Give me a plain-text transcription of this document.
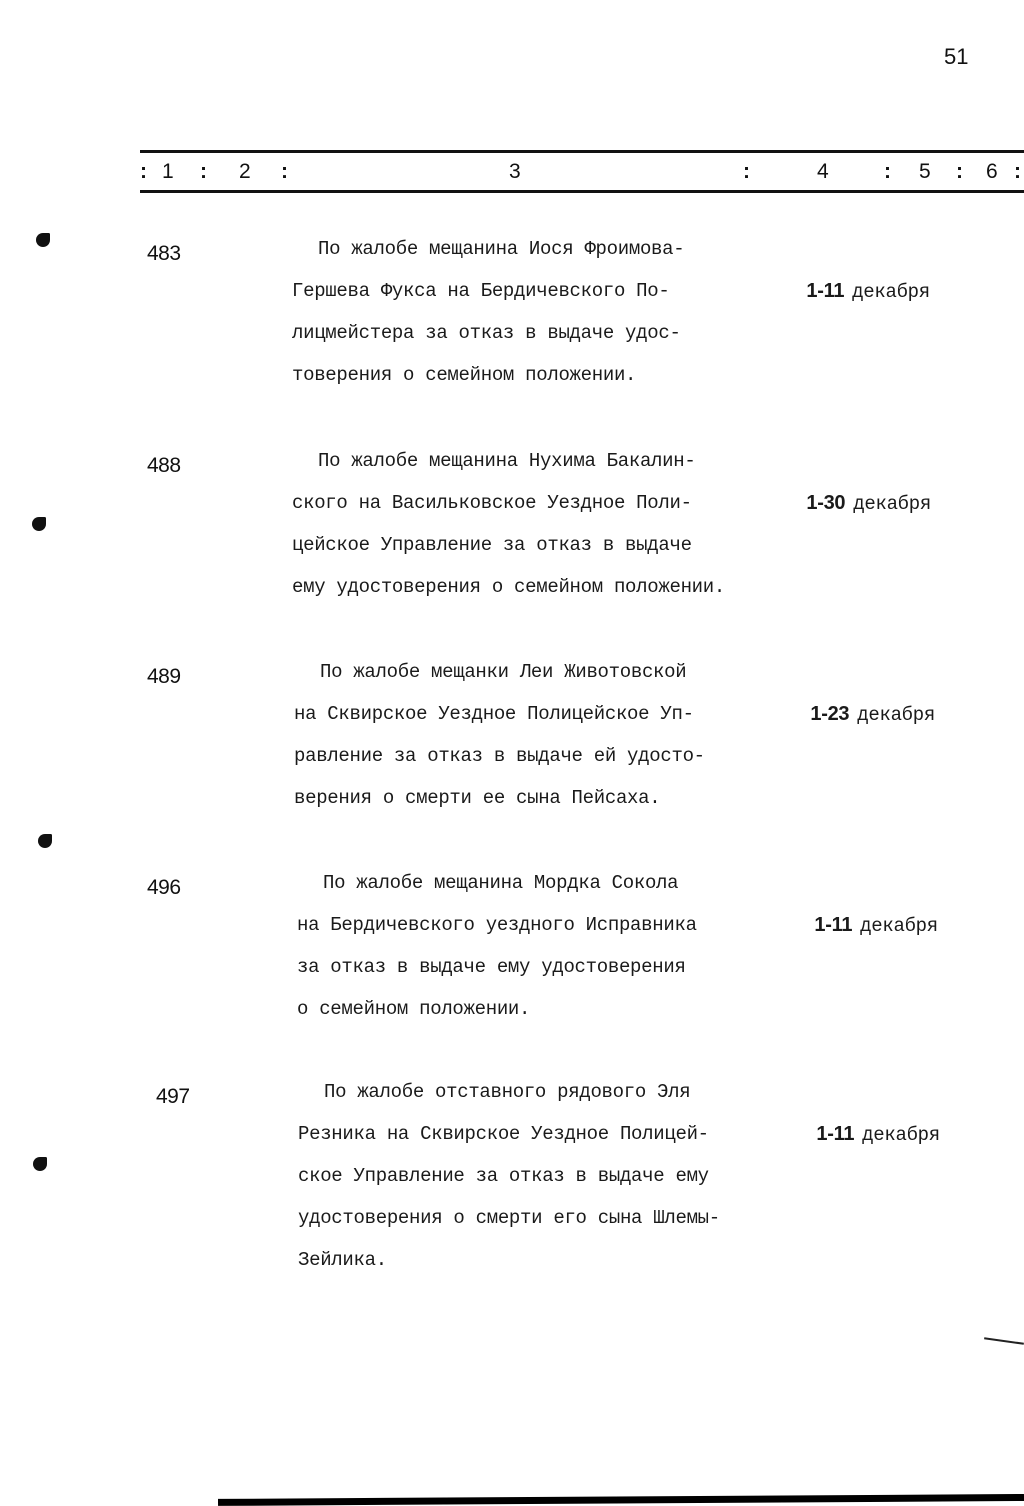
51
: 1 : 2 :	3	:	4	: 5 : 6 :
483	По жалобе мещанина Иося Фроимова-
Гершева Фукса на Бердичевского По-
лицмейстера за отказ в выдаче удос-
товерения о семейном положении.

1-11 декабря

488	По жалобе мещанина Нухима Бакалин-
ского на Васильковское Уездное Поли-
цейское Управление за отказ в выдаче
ему удостоверения о семейном положении.

1-30 декабря

489	По жалобе мещанки Леи Животовской
на Сквирское Уездное Полицейское Уп-
равление за отказ в выдаче ей удосто-
верения о смерти ее сына Пейсаха.

1-23 декабря

496	По жалобе мещанина Мордка Сокола
на Бердичевского уездного Исправника
за отказ в выдаче ему удостоверения
о семейном положении.

1-11 декабря

497	По жалобе отставного рядового Эля
Резника на Сквирское Уездное Полицей-
ское Управление за отказ в выдаче ему
удостоверения о смерти его сына Шлемы-
Зейлика.

1-11 декабря
